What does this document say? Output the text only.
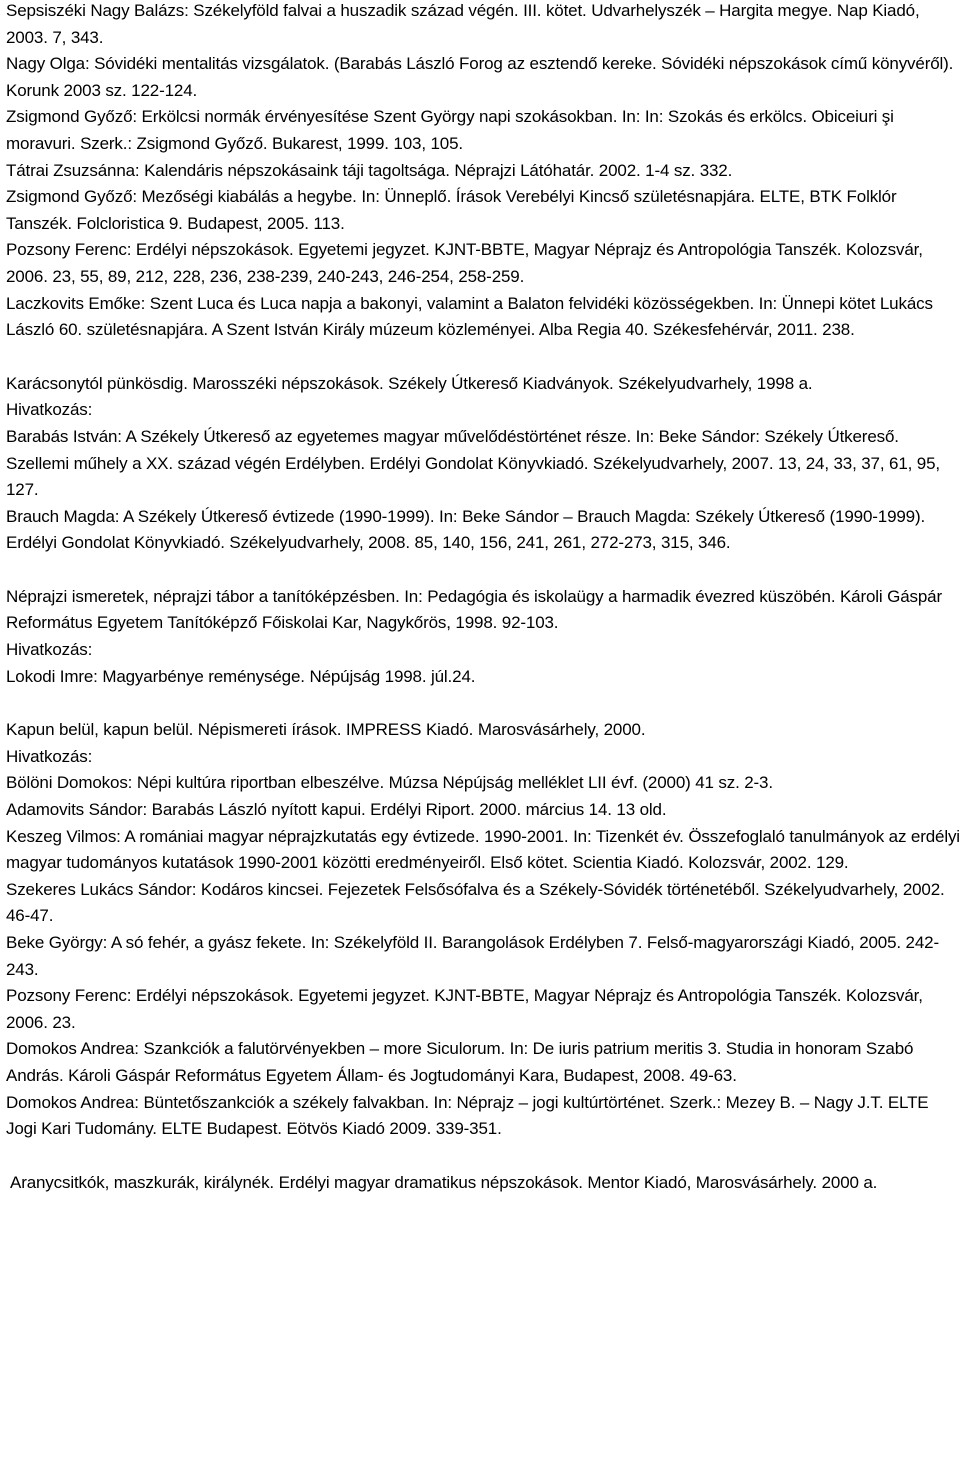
Sepsiszéki Nagy Balázs: Székelyföld falvai a huszadik század végén. III. kötet. Udvarhelyszék – Hargita megye. Nap Kiadó, 2003. 7, 343.

Nagy Olga: Sóvidéki mentalitás vizsgálatok. (Barabás László Forog az esztendő kereke. Sóvidéki népszokások című könyvéről). Korunk 2003 sz. 122-124.

Zsigmond Győző: Erkölcsi normák érvényesítése Szent György napi szokásokban. In: In: Szokás és erkölcs. Obiceiuri şi moravuri. Szerk.: Zsigmond Győző. Bukarest, 1999. 103, 105.

Tátrai Zsuzsánna: Kalendáris népszokásaink táji tagoltsága. Néprajzi Látóhatár. 2002. 1-4 sz. 332.

Zsigmond Győző: Mezőségi kiabálás a hegybe. In: Ünneplő. Írások Verebélyi Kincső születésnapjára. ELTE, BTK Folklór Tanszék. Folcloristica 9. Budapest, 2005. 113.

Pozsony Ferenc: Erdélyi népszokások. Egyetemi jegyzet. KJNT-BBTE, Magyar Néprajz és Antropológia Tanszék. Kolozsvár, 2006. 23, 55, 89, 212, 228, 236, 238-239, 240-243, 246-254, 258-259.

Laczkovits Emőke: Szent Luca és Luca napja a bakonyi, valamint a Balaton felvidéki közösségekben. In: Ünnepi kötet Lukács László 60. születésnapjára. A Szent István Király múzeum közleményei. Alba Regia 40. Székesfehérvár, 2011. 238.

Karácsonytól pünkösdig. Marosszéki népszokások. Székely Útkereső Kiadványok. Székelyudvarhely, 1998 a.

Hivatkozás:

Barabás István: A Székely Útkereső az egyetemes magyar művelődéstörténet része. In: Beke Sándor: Székely Útkereső. Szellemi műhely a XX. század végén Erdélyben. Erdélyi Gondolat Könyvkiadó. Székelyudvarhely, 2007. 13, 24, 33, 37, 61, 95, 127.

Brauch Magda: A Székely Útkereső évtizede (1990-1999). In: Beke Sándor – Brauch Magda: Székely Útkereső (1990-1999). Erdélyi Gondolat Könyvkiadó. Székelyudvarhely, 2008. 85, 140, 156, 241, 261, 272-273, 315, 346.

Néprajzi ismeretek, néprajzi tábor a tanítóképzésben. In: Pedagógia és iskolaügy a harmadik évezred küszöbén. Károli Gáspár Református Egyetem Tanítóképző Főiskolai Kar, Nagykőrös, 1998. 92-103.

Hivatkozás:

Lokodi Imre: Magyarbénye reménysége. Népújság 1998. júl.24.

Kapun belül, kapun belül. Népismereti írások. IMPRESS Kiadó. Marosvásárhely, 2000.

Hivatkozás:

Bölöni Domokos: Népi kultúra riportban elbeszélve. Múzsa Népújság melléklet LII évf. (2000) 41 sz. 2-3.

Adamovits Sándor: Barabás László nyított kapui. Erdélyi Riport. 2000. március 14. 13 old.

Keszeg Vilmos: A romániai magyar néprajzkutatás egy évtizede. 1990-2001. In: Tizenkét év. Összefoglaló tanulmányok az erdélyi magyar tudományos kutatások 1990-2001 közötti eredményeiről. Első kötet. Scientia Kiadó. Kolozsvár, 2002. 129.

Szekeres Lukács Sándor: Kodáros kincsei. Fejezetek Felsősófalva és a Székely-Sóvidék történetéből. Székelyudvarhely, 2002. 46-47.

Beke György: A só fehér, a gyász fekete. In: Székelyföld II. Barangolások Erdélyben 7. Felső-magyarországi Kiadó, 2005. 242-243.

Pozsony Ferenc: Erdélyi népszokások. Egyetemi jegyzet. KJNT-BBTE, Magyar Néprajz és Antropológia Tanszék. Kolozsvár, 2006. 23.

Domokos Andrea: Szankciók a falutörvényekben – more Siculorum. In: De iuris patrium meritis 3. Studia in honoram Szabó András. Károli Gáspár Református Egyetem Állam- és Jogtudományi Kara, Budapest, 2008. 49-63.

Domokos Andrea: Büntetőszankciók a székely falvakban. In: Néprajz – jogi kultúrtörténet. Szerk.: Mezey B. – Nagy J.T. ELTE Jogi Kari Tudomány. ELTE Budapest. Eötvös Kiadó 2009. 339-351.

Aranycsitkók, maszkurák, királynék. Erdélyi magyar dramatikus népszokások. Mentor Kiadó, Marosvásárhely. 2000 a.
